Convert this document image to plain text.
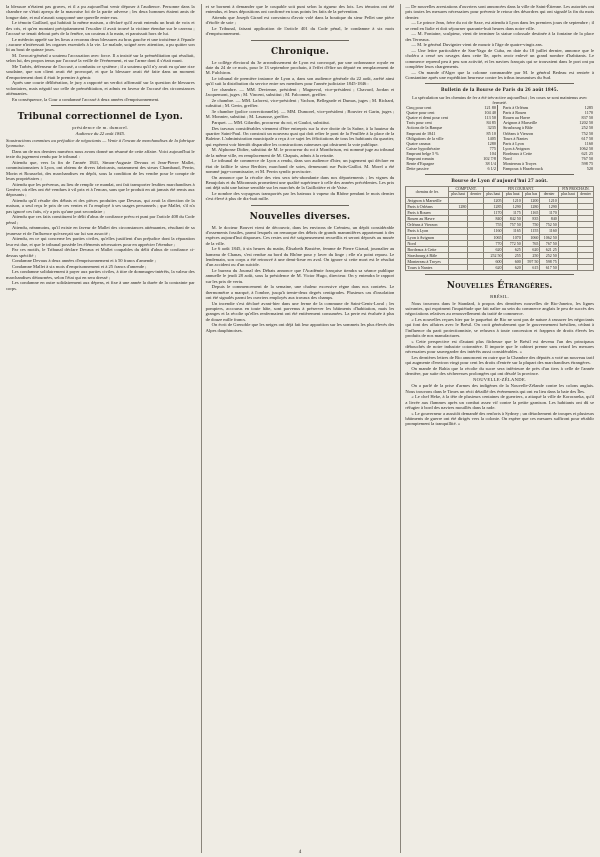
la blessure n'étaient pas graves, et il a pu aujourd'hui venir déposer à l'audience. Personne dans la chambre ne s'était aperçu de la mauvaise foi de la partie adverse ; les deux hommes étaient amis de longue date, et nul n'aurait soupçonné une querelle entre eux.

Le témoin Gaillard, qui habitait la même maison, a déclaré qu'il avait entendu un bruit de voix et des cris, et qu'en montant précipitamment l'escalier il avait trouvé la victime étendue sur le carreau ; l'accusé se tenait debout près de la fenêtre, un couteau à la main, et paraissait hors de lui.

Le médecin appelé sur les lieux a reconnu deux blessures au bras gauche et une troisième à l'épaule ; aucune n'intéressait les organes essentiels à la vie. Le malade, soigné avec attention, a pu quitter son lit au bout de quinze jours.

M. l'avocat-général a soutenu l'accusation avec force. Il a insisté sur la préméditation qui résultait, selon lui, des propos tenus par l'accusé la veille de l'événement, et sur l'arme dont il s'était muni.

Me Tarbès, défenseur de l'accusé, a combattu ce système ; il a soutenu qu'il n'y avait eu qu'une rixe soudaine, que son client avait été provoqué, et que la blessure avait été faite dans un moment d'emportement dont il était le premier à gémir.

Après une courte délibération, le jury a rapporté un verdict affirmatif sur la question de blessures volontaires, mais négatif sur celle de préméditation, et admis en faveur de l'accusé des circonstances atténuantes.

En conséquence, la Cour a condamné l'accusé à deux années d'emprisonnement.

Tribunal correctionnel de Lyon.
présidence de m. dumorel.
Audience du 22 août 1845.

Soustractions commises au préjudice de négociants — Vente à l'encan de marchandises de la fabrique lyonnaise.

Dans un de nos derniers numéros nous avons donné un résumé de cette affaire. Voici aujourd'hui le texte du jugement rendu par le tribunal :

Attendu que, vers la fin de l'année 1841, Simon-Auguste Devaux et Jean-Pierre Mallet, commissionnaires à Lyon, ont obtenu de divers fabricants, notamment des sieurs Chambaud, Perrin, Morin et Rousselot, des marchandises en dépôt, sous la condition de les vendre pour le compte de leurs propriétaires ;

Attendu que les prévenus, au lieu de remplir ce mandat, ont fait transporter lesdites marchandises à Genève, où elles ont été vendues à vil prix et à l'encan, sans que le produit en ait jamais été remis aux déposants ;

Attendu qu'il résulte des débats et des pièces produites que Devaux, qui avait la direction de la maison, a seul reçu le prix de ces ventes et l'a employé à ses usages personnels ; que Mallet, s'il n'a pas ignoré ces faits, n'y a pris qu'une part secondaire ;

Attendu que ces faits constituent le délit d'abus de confiance prévu et puni par l'article 408 du Code pénal ;

Attendu, néanmoins, qu'il existe en faveur de Mallet des circonstances atténuantes, résultant de sa jeunesse et de l'influence qu'exerçait sur lui son associé ;

Attendu, en ce qui concerne les parties civiles, qu'elles justifient d'un préjudice dont la réparation leur est due, et que le tribunal possède les éléments nécessaires pour en apprécier l'étendue ;

Par ces motifs, le Tribunal déclare Devaux et Mallet coupables du délit d'abus de confiance ci-dessus spécifié ;

Condamne Devaux à deux années d'emprisonnement et à 50 francs d'amende ;

Condamne Mallet à six mois d'emprisonnement et à 25 francs d'amende ;

Les condamne solidairement à payer aux parties civiles, à titre de dommages-intérêts, la valeur des marchandises détournées, selon l'état qui en sera dressé ;

Les condamne en outre solidairement aux dépens, et fixe à une année la durée de la contrainte par corps.

et se bornent à demander que le coupable soit puni selon la rigueur des lois. Les témoins ont été entendus, et leurs dépositions ont confirmé en tous points les faits de la prévention.

Attendu que Joseph Girard est convaincu d'avoir volé dans la boutique du sieur Pellet une pièce d'étoffe de soie ;

Le Tribunal, faisant application de l'article 401 du Code pénal, le condamne à six mois d'emprisonnement.

Chronique.

Le collège électoral du 3e arrondissement de Lyon est convoqué, par une ordonnance royale en date du 24 de ce mois, pour le 13 septembre prochain, à l'effet d'élire un député en remplacement de M. Fulchiron.

Le tribunal de première instance de Lyon a, dans son audience générale du 22 août, arrêté ainsi qu'il suit la distribution du service entre ses membres pour l'année judiciaire 1845-1846 :

1re chambre. — MM. Devienne, président ; Magneval, vice-président ; Chavard, Jordan et Jacquemont, juges ; M. Vincent, substitut ; M. Falconnet, greffier.

2e chambre. — MM. Laforest, vice-président ; Vachon, Bellegarde et Dumas, juges ; M. Richard, substitut ; M. Gerin, greffier.

3e chambre (police correctionnelle). — MM. Dumorel, vice-président ; Bouvier et Garin, juges ; M. Monnier, substitut ; M. Lasausse, greffier.

Parquet. — MM. Gilardin, procureur du roi, et Gaulot, substitut.

Des travaux considérables viennent d'être entrepris sur la rive droite de la Saône, à la hauteur du quartier Saint-Paul. On construit un nouveau quai qui doit relier le pont de la Feuillée à la place de la Baleine. L'administration municipale a reçu à ce sujet les félicitations de tous les habitants du quartier, qui espèrent voir bientôt disparaître les constructions ruineuses qui obstruent la voie publique.

M. Alphonse Didier, substitut de M. le procureur du roi à Montbrison, est nommé juge au tribunal de la même ville, en remplacement de M. Chapuis, admis à la retraite.

Le tribunal de commerce de Lyon a rendu, dans son audience d'hier, un jugement qui déclare en état de faillite le sieur Berthier, marchand de soies, demeurant rue Puits-Gaillot. M. Morel a été nommé juge-commissaire, et M. Perrin syndic provisoire.

On annonce que la récolte des vins sera très-abondante dans nos départements ; les vignes du Beaujolais et du Mâconnais promettent une qualité supérieure à celle des années précédentes. Les prix ont déjà subi une baisse sensible sur les marchés de la Guillotière et de Vaise.

Le nombre des voyageurs transportés par les bateaux à vapeur du Rhône pendant le mois dernier s'est élevé à plus de dix-huit mille.

Nouvelles diverses.

M. le docteur Bouvet vient de découvrir, dans les environs de Crémieu, un dépôt considérable d'ossements fossiles, parmi lesquels on remarque des débris de grands mammifères appartenant à des espèces aujourd'hui disparues. Ces restes ont été soigneusement recueillis et seront déposés au musée de la ville.

Le 6 août 1845, à six heures du matin, Élisabeth Bassière, femme de Pierre Giraud, journalier au hameau de Chanas, s'est rendue au bord du Rhône pour y laver du linge ; elle n'a point reparu. Le lendemain, son corps a été retrouvé à une demi-lieue en aval. On ignore si cette mort est le résultat d'un accident ou d'un suicide.

Le bureau du Journal des Débats annonce que l'Académie française tiendra sa séance publique annuelle le jeudi 28 août, sous la présidence de M. Victor Hugo, directeur. On y entendra le rapport sur les prix de vertu.

Depuis le commencement de la semaine, une chaleur excessive règne dans nos contrées. Le thermomètre a marqué, à l'ombre, jusqu'à trente-deux degrés centigrades. Plusieurs cas d'insolation ont été signalés parmi les ouvriers employés aux travaux des champs.

Un incendie s'est déclaré avant-hier dans une ferme de la commune de Saint-Genis-Laval ; les pompiers, accourus en toute hâte, sont parvenus à préserver les bâtiments d'habitation, mais les granges et la récolte qu'elles renfermaient ont été entièrement consumées. La perte est évaluée à plus de douze mille francs.

On écrit de Grenoble que les neiges ont déjà fait leur apparition sur les sommets les plus élevés des Alpes dauphinoises.

— De nouvelles arrestations d'ouvriers sont annoncées dans la ville de Saint-Étienne. Les autorités ont pris toutes les mesures nécessaires pour prévenir le retour des désordres qui ont signalé la fin du mois dernier.

— Le prince Jean, frère du roi de Saxe, est attendu à Lyon dans les premiers jours de septembre ; il se rend en Italie et doit séjourner quarante-huit heures dans notre ville.

— M. Fontaine, sculpteur, vient de terminer la statue colossale destinée à la fontaine de la place des Terreaux.

— M. le général Duvignier vient de mourir à l'âge de quatre-vingts ans.

— Une lettre particulière de San-Yago de Cuba, en date du 18 juillet dernier, annonce que le choléra a cessé ses ravages dans cette île, après avoir enlevé un grand nombre d'habitants. Le commerce reprend peu à peu son activité, et les navires français qui se trouvaient dans le port ont pu compléter leurs chargements.

— On mande d'Alger que la colonne commandée par M. le général Bedeau est rentrée à Constantine après une expédition heureuse contre les tribus insoumises du Sud.

Bulletin de la Bourse de Paris du 26 août 1845.

La spéculation sur les chemins de fer a été très-active aujourd'hui ; les cours se sont maintenus avec fermeté.

Cinq pour cent	121 80
Quatre pour cent	104 40
Quatre et demi pour cent	113 50
Trois pour cent	84 85
Actions de la Banque	3235
Emprunt de 1841	85 10
Obligations de la ville	1405
Quatre canaux	1280
Caisse hypothécaire	775
Emprunt belge 5 %	104
Emprunt romain	102 7/8
Rente d'Espagne	38 1/4
Dette passive	6 1/2
Paris à Orléans	1285
Paris à Rouen	1170
Rouen au Havre	837 50
Avignon à Marseille	1202 50
Strasbourg à Bâle	252 50
Orléans à Vierzon	752 50
Tours à Nantes	617 50
Paris à Lyon	1160
Lyon à Avignon	1062 50
Bordeaux à Cette	621 25
Nord	767 50
Montereau à Troyes	598 75
Fampoux à Hazebrouck	520
Bourse de Lyon d'aujourd'hui 27 août.
chemins de fer.	COMPTANT.		FIN COURANT.				FIN PROCHAIN.	
	plus haut	dernier	plus haut	plus haut	plus bas	dernier	plus haut	dernier
Avignon à Marseille			1205	1210	1200	1210		
Paris à Orléans	1280		1285	1290	1280	1290		
Paris à Rouen			1170	1175	1165	1170		
Rouen au Havre			840	842 50	835	840		
Orléans à Vierzon			755	757 50	750	752 50		
Paris à Lyon			1160	1165	1155	1160		
Lyon à Avignon			1065	1070	1060	1062 50		
Nord			770	772 50	765	767 50		
Bordeaux à Cette			620	625	620	621 25		
Strasbourg à Bâle			252 50	255	250	252 50		
Montereau à Troyes			600	600	597 50	598 75		
Tours à Nantes			620	620	615	617 50		
Nouvelles Étrangères.
BRÉSIL.

Nous trouvons dans le Standard, à propos des dernières nouvelles de Rio-Janeiro, les lignes suivantes, qui expriment l'inquiétude que fait naître au sein du commerce anglais le peu de succès des négociations relatives au renouvellement du traité de commerce.

« Les nouvelles reçues hier par le paquebot de Rio ne sont pas de nature à rassurer les négociants qui font des affaires avec le Brésil. On croit généralement que le gouvernement brésilien, cédant à l'influence du parti protectionniste, se refusera à toute concession et frappera de droits élevés les produits de nos manufactures.

» Cette perspective est d'autant plus fâcheuse que le Brésil est devenu l'un des principaux débouchés de notre industrie cotonnière. Il importe que le cabinet prenne sans retard les mesures nécessaires pour sauvegarder des intérêts aussi considérables. »

Les dernières lettres de Rio annoncent en outre que la Chambre des députés a voté un nouveau tarif qui augmente d'environ vingt pour cent les droits d'entrée sur la plupart des marchandises étrangères.

On mande de Bahia que la récolte du sucre sera inférieure de près d'un tiers à celle de l'année dernière, par suite des sécheresses prolongées qui ont désolé la province.

NOUVELLE-ZÉLANDE.

On a parlé de la prise d'armes des indigènes de la Nouvelle-Zélande contre les colons anglais. Nous trouvons dans le Times un récit détaillé des événements qui ont eu lieu dans la baie des Îles.

« Le chef Heke, à la tête de plusieurs centaines de guerriers, a attaqué la ville de Kororareka, qu'il a livrée aux flammes après un combat assez vif contre la petite garnison. Les habitants ont dû se réfugier à bord des navires mouillés dans la rade.

» Le gouverneur a aussitôt demandé des renforts à Sydney ; un détachement de troupes et plusieurs bâtiments de guerre ont été dirigés vers la colonie. On espère que ces mesures suffiront pour rétablir promptement la tranquillité. »

4
